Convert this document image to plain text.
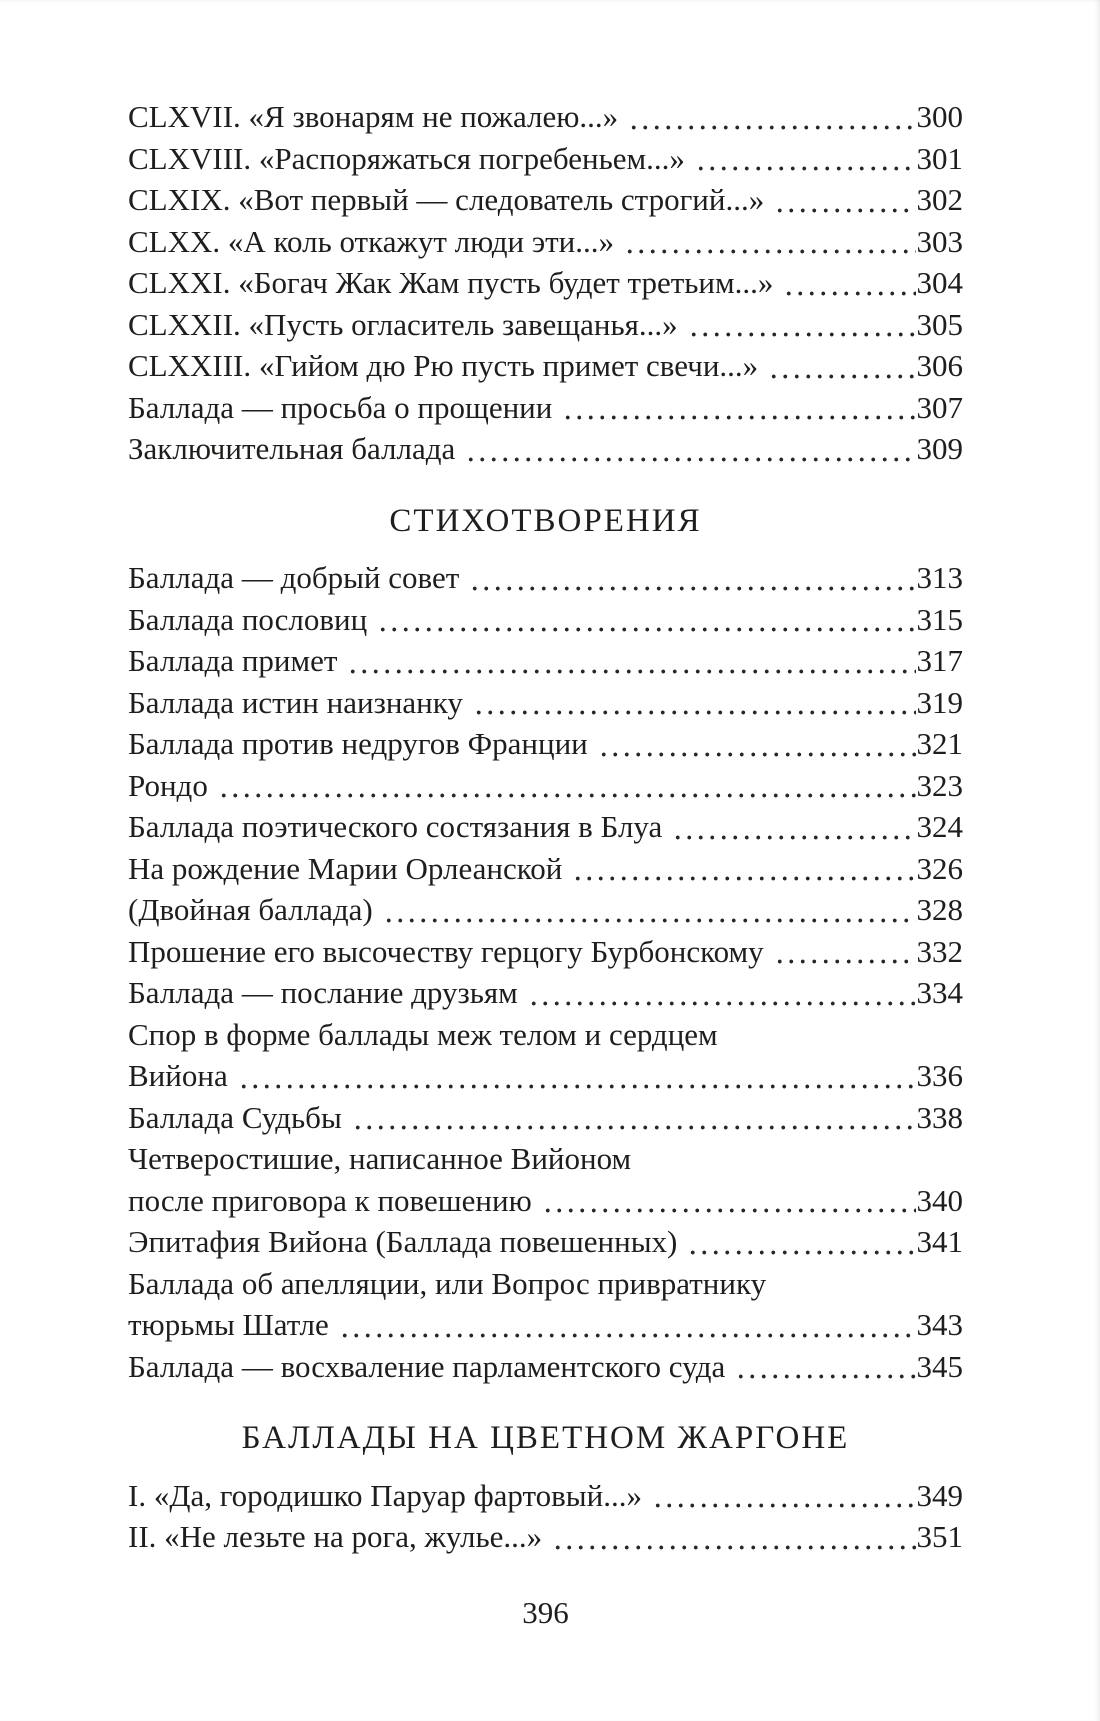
CLXVII. «Я звонарям не пожалею...»	300
CLXVIII. «Распоряжаться погребеньем...»	301
CLXIX. «Вот первый — следователь строгий...»	302
CLXX. «А коль откажут люди эти...»	303
CLXXI. «Богач Жак Жам пусть будет третьим...»	304
CLXXII. «Пусть огласитель завещанья...»	305
CLXXIII. «Гийом дю Рю пусть примет свечи...»	306
Баллада — просьба о прощении	307
Заключительная баллада	309
СТИХОТВОРЕНИЯ
Баллада — добрый совет	313
Баллада пословиц	315
Баллада примет	317
Баллада истин наизнанку	319
Баллада против недругов Франции	321
Рондо	323
Баллада поэтического состязания в Блуа	324
На рождение Марии Орлеанской	326
(Двойная баллада)	328
Прошение его высочеству герцогу Бурбонскому	332
Баллада — послание друзьям	334
Спор в форме баллады меж телом и сердцем
Вийона	336
Баллада Судьбы	338
Четверостишие, написанное Вийоном
после приговора к повешению	340
Эпитафия Вийона (Баллада повешенных)	341
Баллада об апелляции, или Вопрос привратнику
тюрьмы Шатле	343
Баллада — восхваление парламентского суда	345
БАЛЛАДЫ НА ЦВЕТНОМ ЖАРГОНЕ
I. «Да, городишко Паруар фартовый...»	349
II. «Не лезьте на рога, жулье...»	351
396
